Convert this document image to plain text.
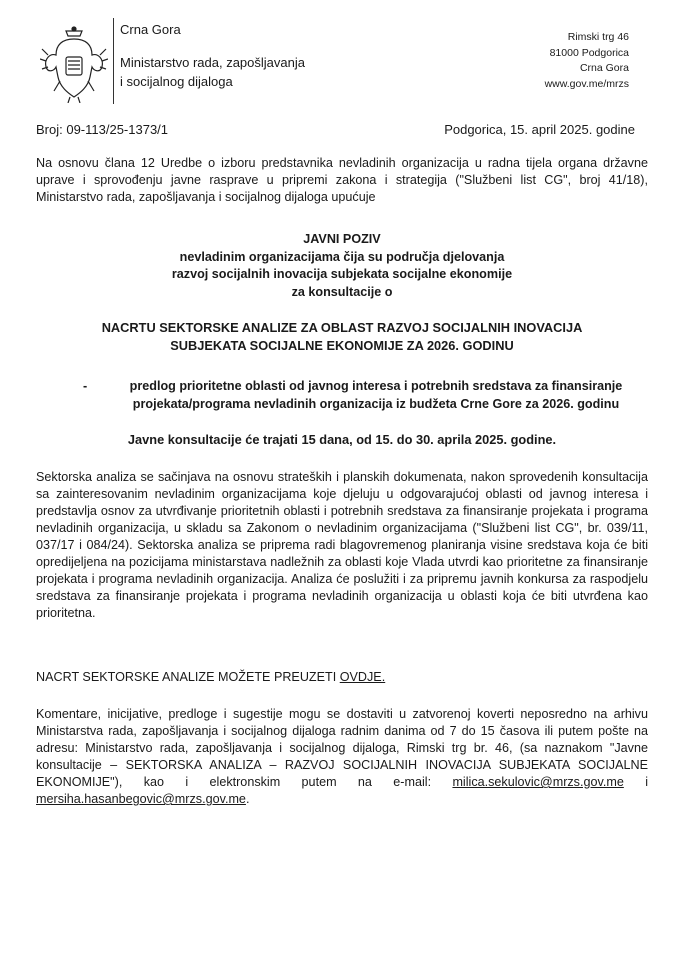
Crna Gora
Ministarstvo rada, zapošljavanja
i socijalnog dijaloga
Rimski trg 46
81000 Podgorica
Crna Gora
www.gov.me/mrzs
Broj: 09-113/25-1373/1	Podgorica, 15. april 2025. godine
Na osnovu člana 12 Uredbe o izboru predstavnika nevladinih organizacija u radna tijela organa državne uprave i sprovođenju javne rasprave u pripremi zakona i strategija ("Službeni list CG", broj 41/18), Ministarstvo rada, zapošljavanja i socijalnog dijaloga upućuje
JAVNI POZIV
nevladinim organizacijama čija su područja djelovanja
razvoj socijalnih inovacija subjekata socijalne ekonomije
za konsultacije o
NACRTU SEKTORSKE ANALIZE ZA OBLAST RAZVOJ SOCIJALNIH INOVACIJA
SUBJEKATA SOCIJALNE EKONOMIJE ZA 2026. GODINU
-	predlog prioritetne oblasti od javnog interesa i potrebnih sredstava za finansiranje projekata/programa nevladinih organizacija iz budžeta Crne Gore za 2026. godinu
Javne konsultacije će trajati 15 dana, od 15. do 30. aprila 2025. godine.
Sektorska analiza se sačinjava na osnovu strateških i planskih dokumenata, nakon sprovedenih konsultacija sa zainteresovanim nevladinim organizacijama koje djeluju u odgovarajućoj oblasti od javnog interesa i predstavlja osnov za utvrđivanje prioritetnih oblasti i potrebnih sredstava za finansiranje projekata i programa nevladinih organizacija, u skladu sa Zakonom o nevladinim organizacijama ("Službeni list CG", br. 039/11, 037/17 i 084/24). Sektorska analiza se priprema radi blagovremenog planiranja visine sredstava koja će biti opredijeljena na pozicijama ministarstava nadležnih za oblasti koje Vlada utvrdi kao prioritetne za finansiranje projekata i programa nevladinih organizacija. Analiza će poslužiti i za pripremu javnih konkursa za raspodjelu sredstava za finansiranje projekata i programa nevladinih organizacija u oblasti koja će biti utvrđena kao prioritetna.
NACRT SEKTORSKE ANALIZE MOŽETE PREUZETI OVDJE.
Komentare, inicijative, predloge i sugestije mogu se dostaviti u zatvorenoj koverti neposredno na arhivu Ministarstva rada, zapošljavanja i socijalnog dijaloga radnim danima od 7 do 15 časova ili putem pošte na adresu: Ministarstvo rada, zapošljavanja i socijalnog dijaloga, Rimski trg br. 46, (sa naznakom "Javne konsultacije – SEKTORSKA ANALIZA – RAZVOJ SOCIJALNIH INOVACIJA SUBJEKATA SOCIJALNE EKONOMIJE"), kao i elektronskim putem na e-mail: milica.sekulovic@mrzs.gov.me i mersiha.hasanbegovic@mrzs.gov.me.
